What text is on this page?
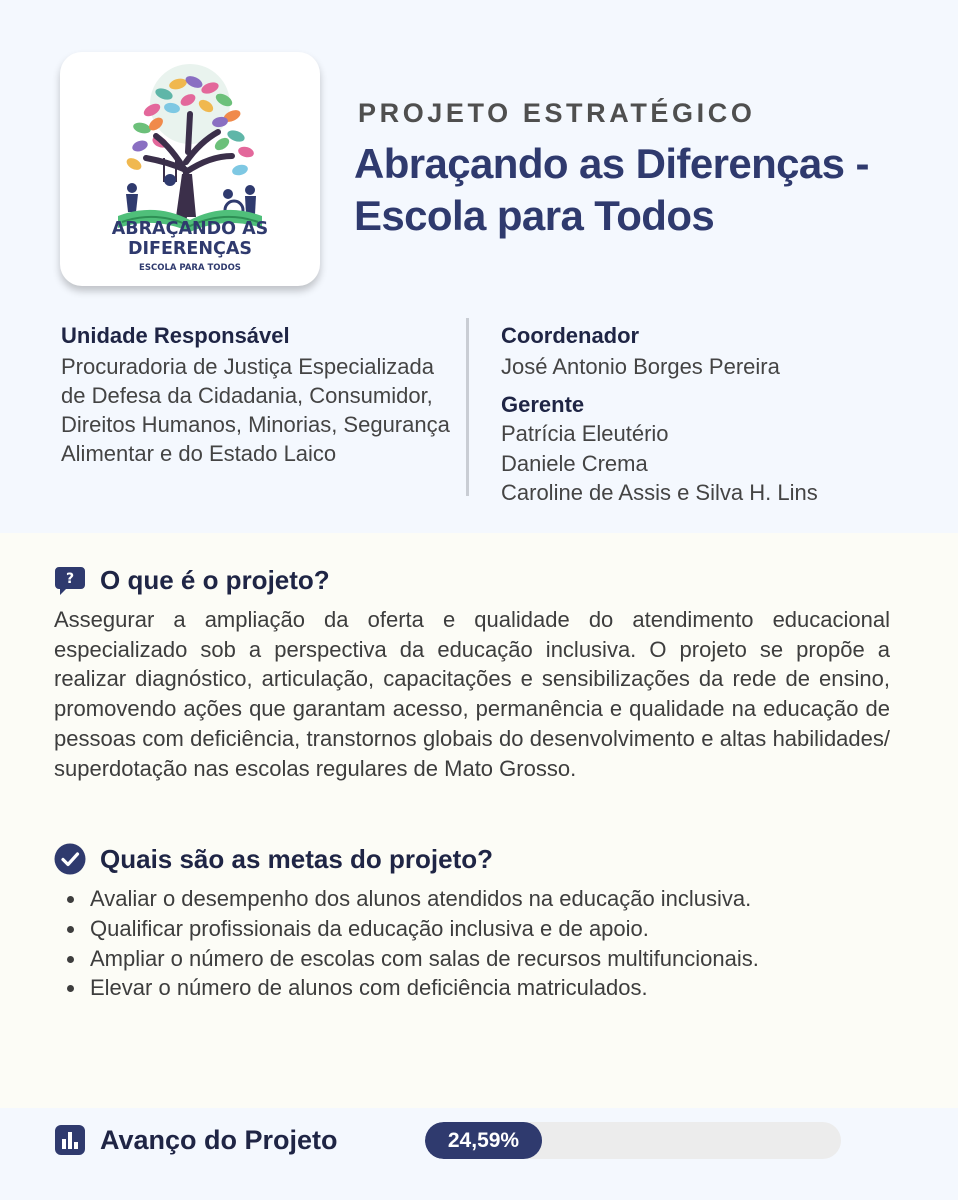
ABRAÇANDO AS
DIFERENÇAS
ESCOLA PARA TODOS
PROJETO ESTRATÉGICO
Abraçando as Diferenças - Escola para Todos

Unidade Responsável

Procuradoria de Justiça Especializada de Defesa da Cidadania, Consumidor, Direitos Humanos, Minorias, Segurança Alimentar e do Estado Laico

Coordenador

José Antonio Borges Pereira

Gerente

Patrícia Eleutério
Daniele Crema
Caroline de Assis e Silva H. Lins
? O que é o projeto?

Assegurar a ampliação da oferta e qualidade do atendimento educacional especializado sob a perspectiva da educação inclusiva. O projeto se propõe a realizar diagnóstico, articulação, capacitações e sensibilizações da rede de ensino, promovendo ações que garantam acesso, permanência e qualidade na educação de pessoas com deficiência, transtornos globais do desenvolvimento e altas habilidades/ superdotação nas escolas regulares de Mato Grosso.

Quais são as metas do projeto?
Avaliar o desempenho dos alunos atendidos na educação inclusiva.
Qualificar profissionais da educação inclusiva e de apoio.
Ampliar o número de escolas com salas de recursos multifuncionais.
Elevar o número de alunos com deficiência matriculados.
Avanço do Projeto	24,59%
